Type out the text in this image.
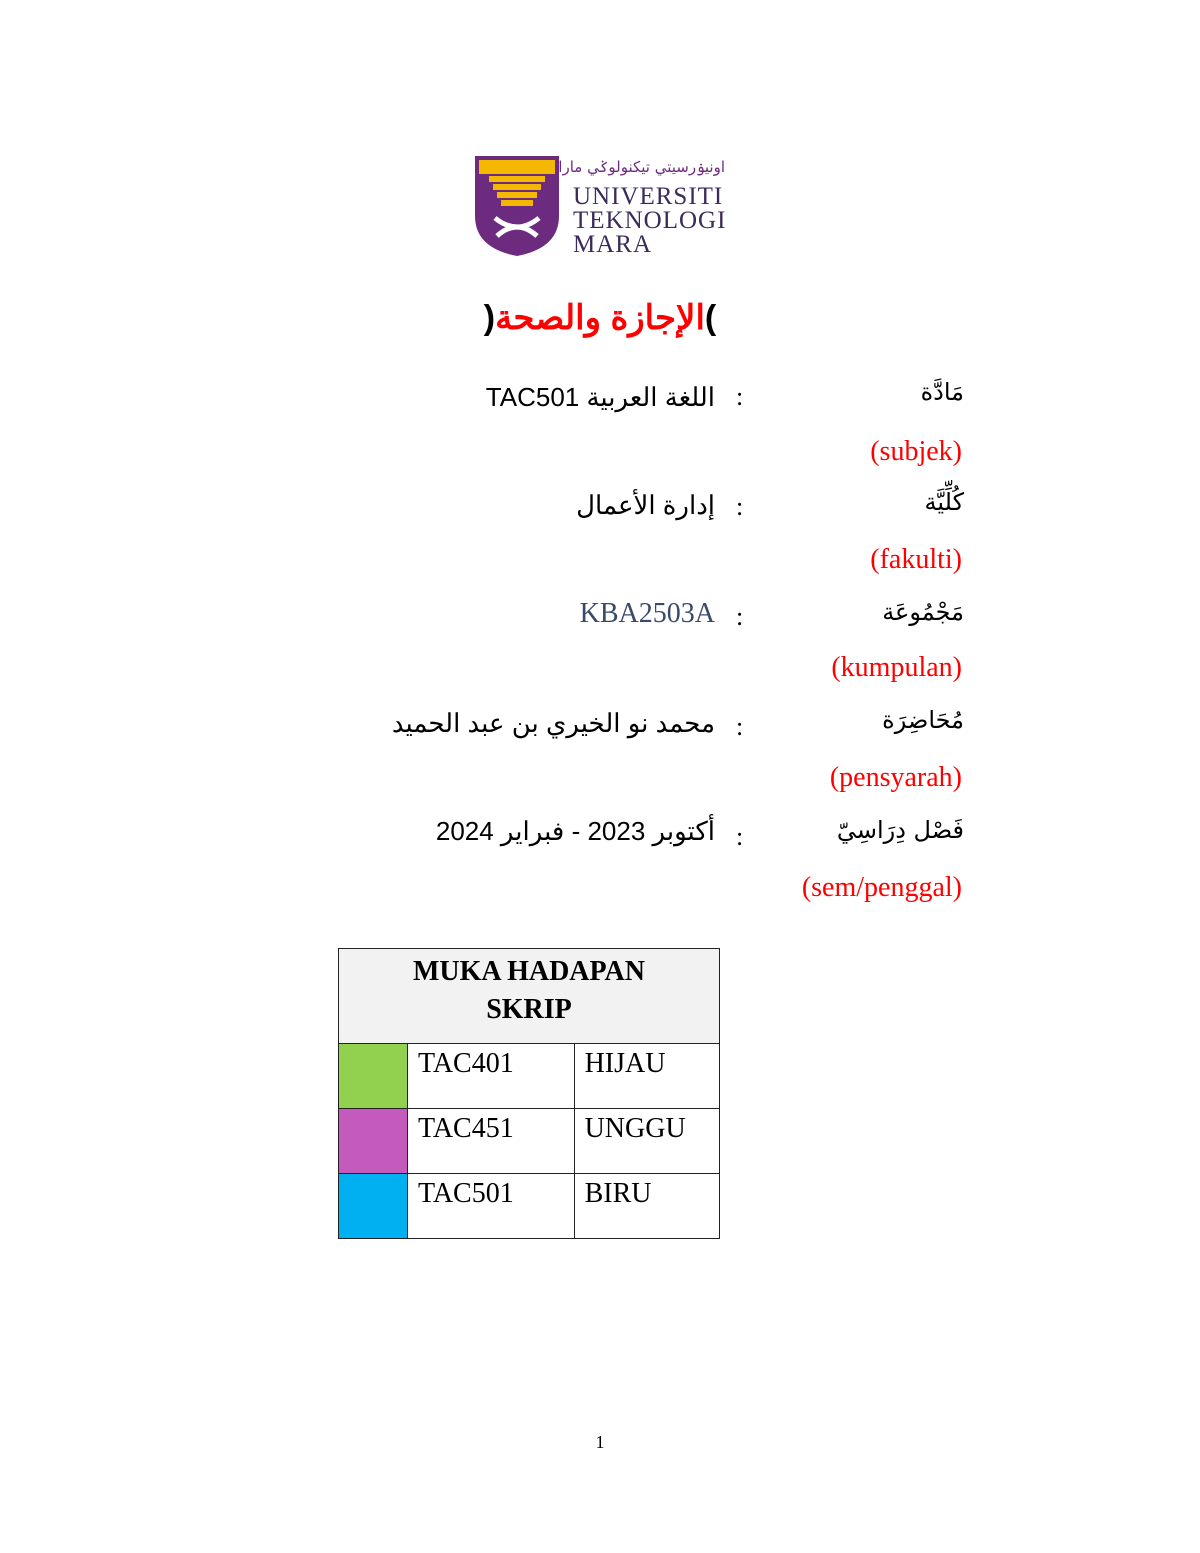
اونيۏرسيتي تيکنولوݢي مارا
UNIVERSITI
TEKNOLOGI
MARA
)الإجازة والصحة(
مَادَّة
:
اللغة العربية TAC501
(subjek)
كُلِّيَّة
:
إدارة الأعمال
(fakulti)
مَجْمُوعَة
:
KBA2503A
(kumpulan)
مُحَاضِرَة
:
محمد نو الخيري بن عبد الحميد
(pensyarah)
فَصْل دِرَاسِيّ
:
أكتوبر 2023 - فبراير 2024
(sem/penggal)
MUKA HADAPAN
SKRIP		

	TAC401	HIJAU
	TAC451	UNGGU
	TAC501	BIRU
1
